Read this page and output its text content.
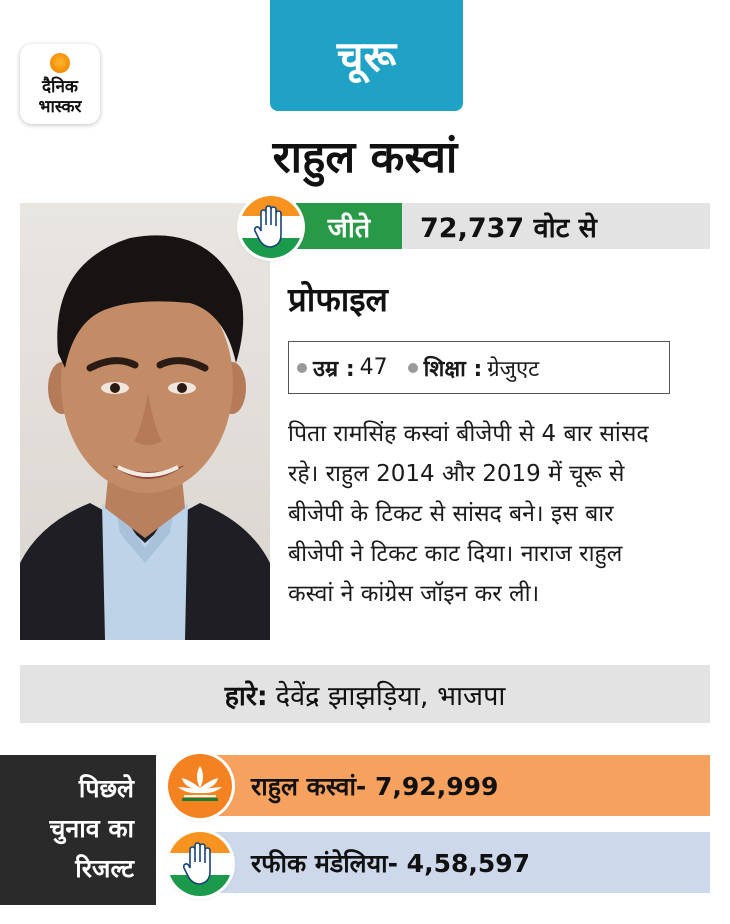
दैनिक
भास्कर
चूरू
राहुल कस्वां
जीते	72,737 वोट से
प्रोफाइल
उम्र : 47 शिक्षा : ग्रेजुएट
पिता रामसिंह कस्वां बीजेपी से 4 बार सांसद रहे। राहुल 2014 और 2019 में चूरू से बीजेपी के टिकट से सांसद बने। इस बार बीजेपी ने टिकट काट दिया। नाराज राहुल कस्वां ने कांग्रेस जॉइन कर ली।
हारे: देवेंद्र झाझड़िया, भाजपा
पिछले
चुनाव का
रिजल्ट
राहुल कस्वां- 7,92,999
रफीक मंडेलिया- 4,58,597
